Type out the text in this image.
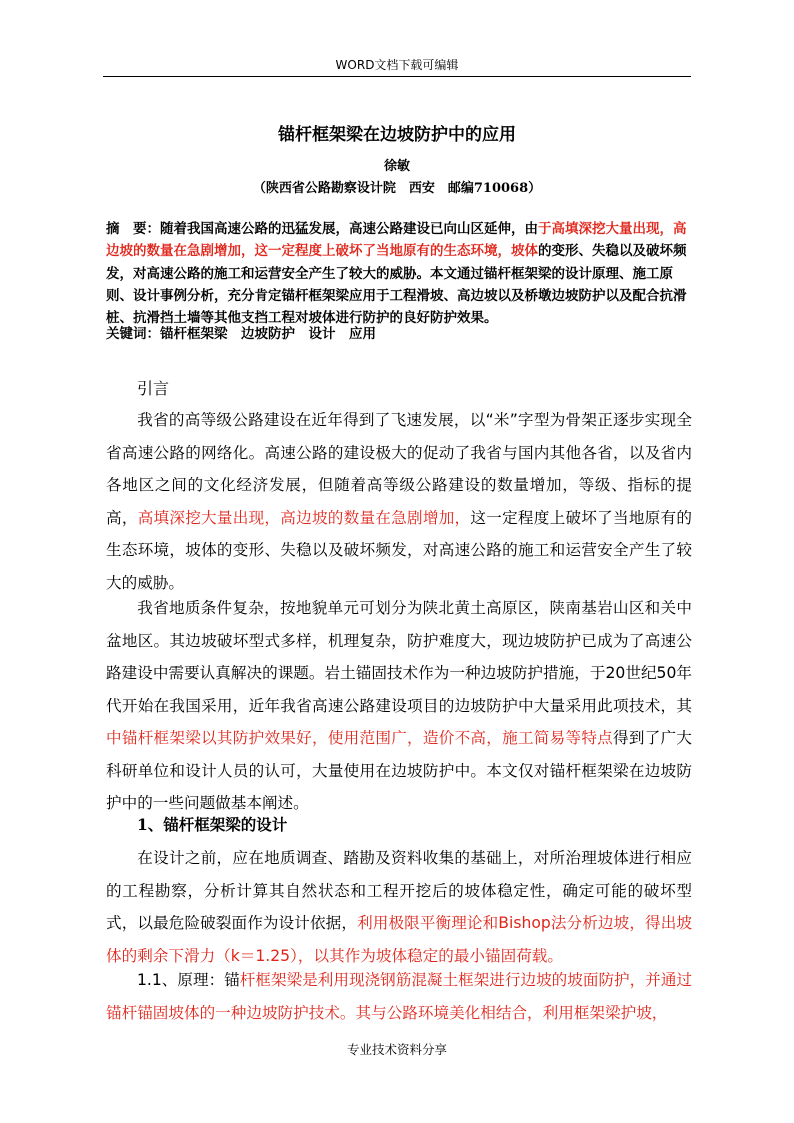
WORD文档下载可编辑
锚杆框架梁在边坡防护中的应用
徐敏
（陕西省公路勘察设计院　西安　邮编710068）

摘　要：随着我国高速公路的迅猛发展，高速公路建设已向山区延伸，由于高填深挖大量出现，高边坡的数量在急剧增加，这一定程度上破坏了当地原有的生态环境，坡体的变形、失稳以及破坏频发，对高速公路的施工和运营安全产生了较大的威胁。本文通过锚杆框架梁的设计原理、施工原则、设计事例分析，充分肯定锚杆框架梁应用于工程滑坡、高边坡以及桥墩边坡防护以及配合抗滑桩、抗滑挡土墙等其他支挡工程对坡体进行防护的良好防护效果。

关键词：锚杆框架梁　边坡防护　设计　应用

引言

我省的高等级公路建设在近年得到了飞速发展，以“米”字型为骨架正逐步实现全省高速公路的网络化。高速公路的建设极大的促动了我省与国内其他各省，以及省内各地区之间的文化经济发展，但随着高等级公路建设的数量增加，等级、指标的提高，高填深挖大量出现，高边坡的数量在急剧增加，这一定程度上破坏了当地原有的生态环境，坡体的变形、失稳以及破坏频发，对高速公路的施工和运营安全产生了较大的威胁。

我省地质条件复杂，按地貌单元可划分为陕北黄土高原区，陕南基岩山区和关中盆地区。其边坡破坏型式多样，机理复杂，防护难度大，现边坡防护已成为了高速公路建设中需要认真解决的课题。岩土锚固技术作为一种边坡防护措施，于20世纪50年代开始在我国采用，近年我省高速公路建设项目的边坡防护中大量采用此项技术，其中锚杆框架梁以其防护效果好，使用范围广，造价不高，施工简易等特点得到了广大科研单位和设计人员的认可，大量使用在边坡防护中。本文仅对锚杆框架梁在边坡防护中的一些问题做基本阐述。

1、锚杆框架梁的设计

在设计之前，应在地质调查、踏勘及资料收集的基础上，对所治理坡体进行相应的工程勘察，分析计算其自然状态和工程开挖后的坡体稳定性，确定可能的破坏型式，以最危险破裂面作为设计依据，利用极限平衡理论和Bishop法分析边坡，得出坡体的剩余下滑力（k＝1.25），以其作为坡体稳定的最小锚固荷载。

1.1、原理：锚杆框架梁是利用现浇钢筋混凝土框架进行边坡的坡面防护，并通过锚杆锚固坡体的一种边坡防护技术。其与公路环境美化相结合，利用框架梁护坡，

专业技术资料分享
